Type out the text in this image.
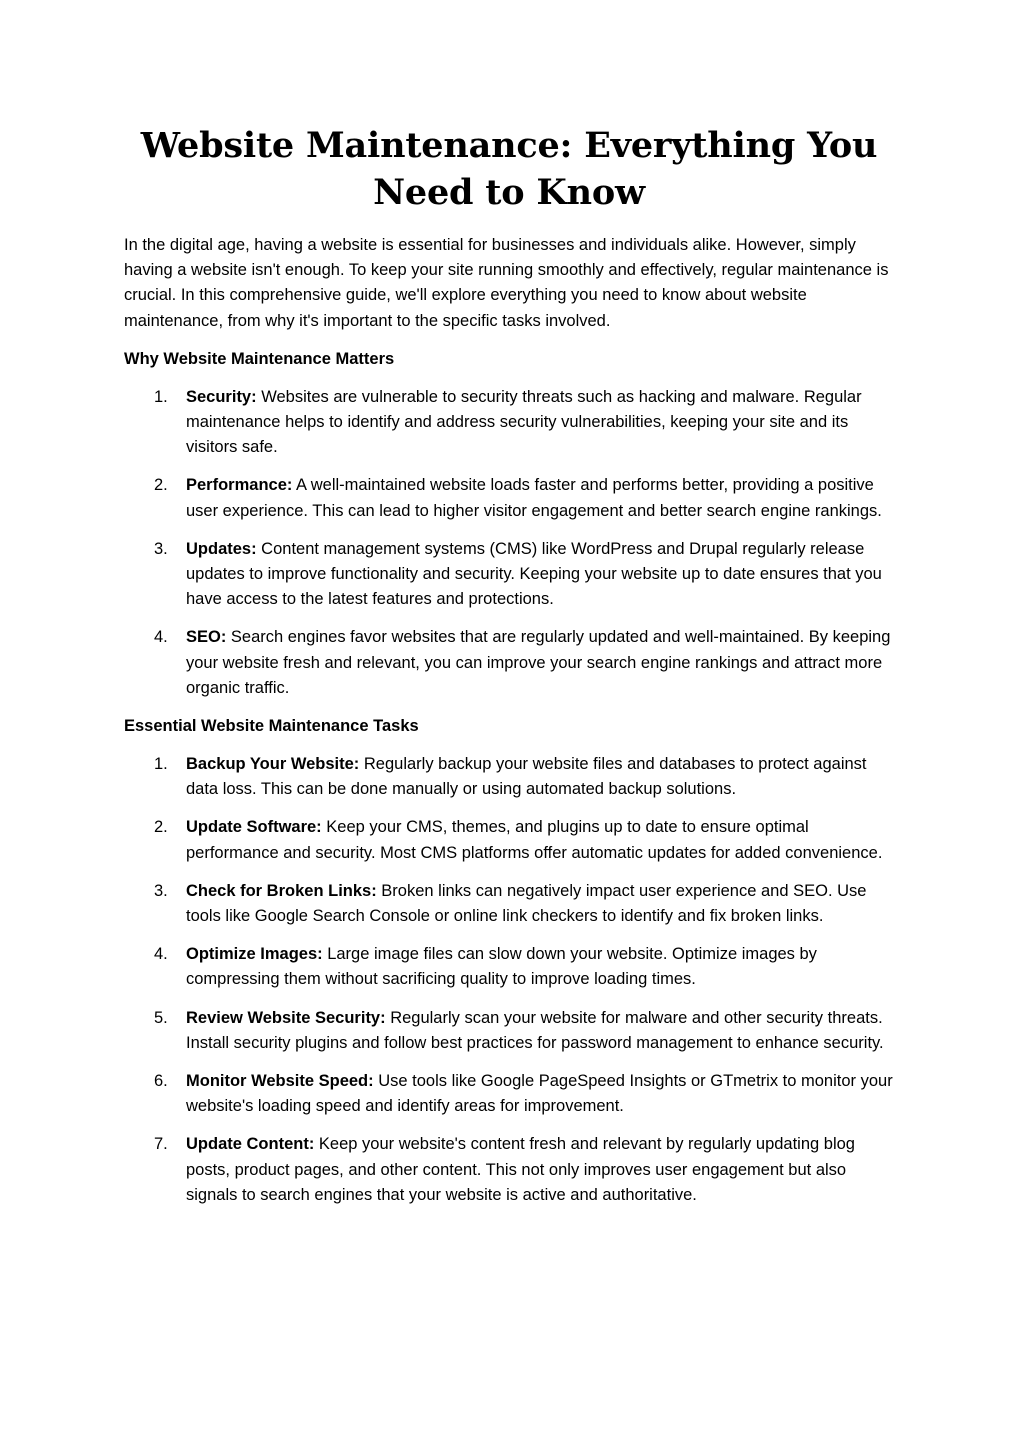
Website Maintenance: Everything You Need to Know

In the digital age, having a website is essential for businesses and individuals alike. However, simply having a website isn't enough. To keep your site running smoothly and effectively, regular maintenance is crucial. In this comprehensive guide, we'll explore everything you need to know about website maintenance, from why it's important to the specific tasks involved.

Why Website Maintenance Matters
1. Security: Websites are vulnerable to security threats such as hacking and malware. Regular maintenance helps to identify and address security vulnerabilities, keeping your site and its visitors safe.
2. Performance: A well-maintained website loads faster and performs better, providing a positive user experience. This can lead to higher visitor engagement and better search engine rankings.
3. Updates: Content management systems (CMS) like WordPress and Drupal regularly release updates to improve functionality and security. Keeping your website up to date ensures that you have access to the latest features and protections.
4. SEO: Search engines favor websites that are regularly updated and well-maintained. By keeping your website fresh and relevant, you can improve your search engine rankings and attract more organic traffic.
Essential Website Maintenance Tasks
1. Backup Your Website: Regularly backup your website files and databases to protect against data loss. This can be done manually or using automated backup solutions.
2. Update Software: Keep your CMS, themes, and plugins up to date to ensure optimal performance and security. Most CMS platforms offer automatic updates for added convenience.
3. Check for Broken Links: Broken links can negatively impact user experience and SEO. Use tools like Google Search Console or online link checkers to identify and fix broken links.
4. Optimize Images: Large image files can slow down your website. Optimize images by compressing them without sacrificing quality to improve loading times.
5. Review Website Security: Regularly scan your website for malware and other security threats. Install security plugins and follow best practices for password management to enhance security.
6. Monitor Website Speed: Use tools like Google PageSpeed Insights or GTmetrix to monitor your website's loading speed and identify areas for improvement.
7. Update Content: Keep your website's content fresh and relevant by regularly updating blog posts, product pages, and other content. This not only improves user engagement but also signals to search engines that your website is active and authoritative.
